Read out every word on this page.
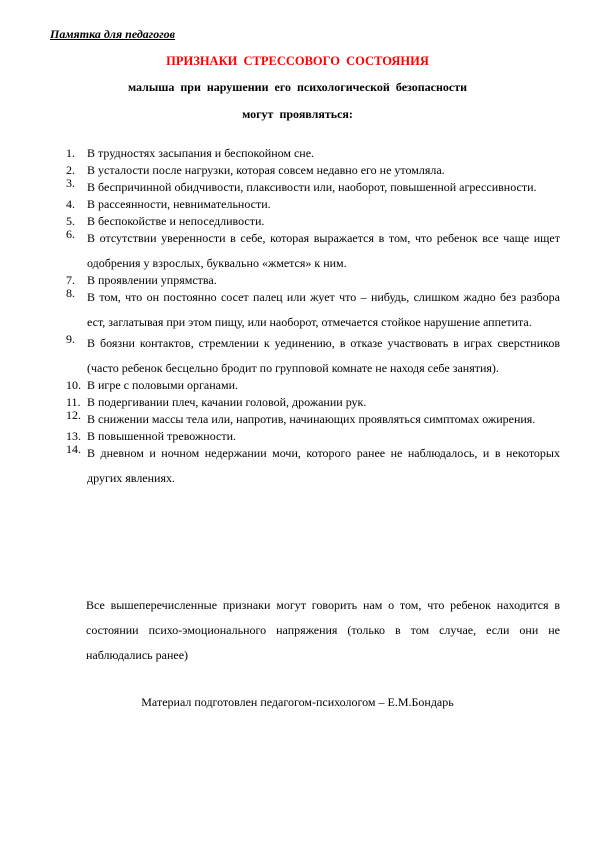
Памятка для педагогов
ПРИЗНАКИ СТРЕССОВОГО СОСТОЯНИЯ
малыша при нарушении его психологической безопасности
могут проявляться:
1. В трудностях засыпания и беспокойном сне.
2. В усталости после нагрузки, которая совсем недавно его не утомляла.
3. В беспричинной обидчивости, плаксивости или, наоборот, повышенной агрессивности.
4. В рассеянности, невнимательности.
5. В беспокойстве и непоседливости.
6. В отсутствии уверенности в себе, которая выражается в том, что ребенок все чаще ищет одобрения у взрослых, буквально «жмется» к ним.
7. В проявлении упрямства.
8. В том, что он постоянно сосет палец или жует что – нибудь, слишком жадно без разбора ест, заглатывая при этом пищу, или наоборот, отмечается стойкое нарушение аппетита.
9. В боязни контактов, стремлении к уединению, в отказе участвовать в играх сверстников (часто ребенок бесцельно бродит по групповой комнате не находя себе занятия).
10. В игре с половыми органами.
11. В подергивании плеч, качании головой, дрожании рук.
12. В снижении массы тела или, напротив, начинающих проявляться симптомах ожирения.
13. В повышенной тревожности.
14. В дневном и ночном недержании мочи, которого ранее не наблюдалось, и в некоторых других явлениях.
Все вышеперечисленные признаки могут говорить нам о том, что ребенок находится в состоянии психо-эмоционального напряжения (только в том случае, если они не наблюдались ранее)
Материал подготовлен педагогом-психологом – Е.М.Бондарь
